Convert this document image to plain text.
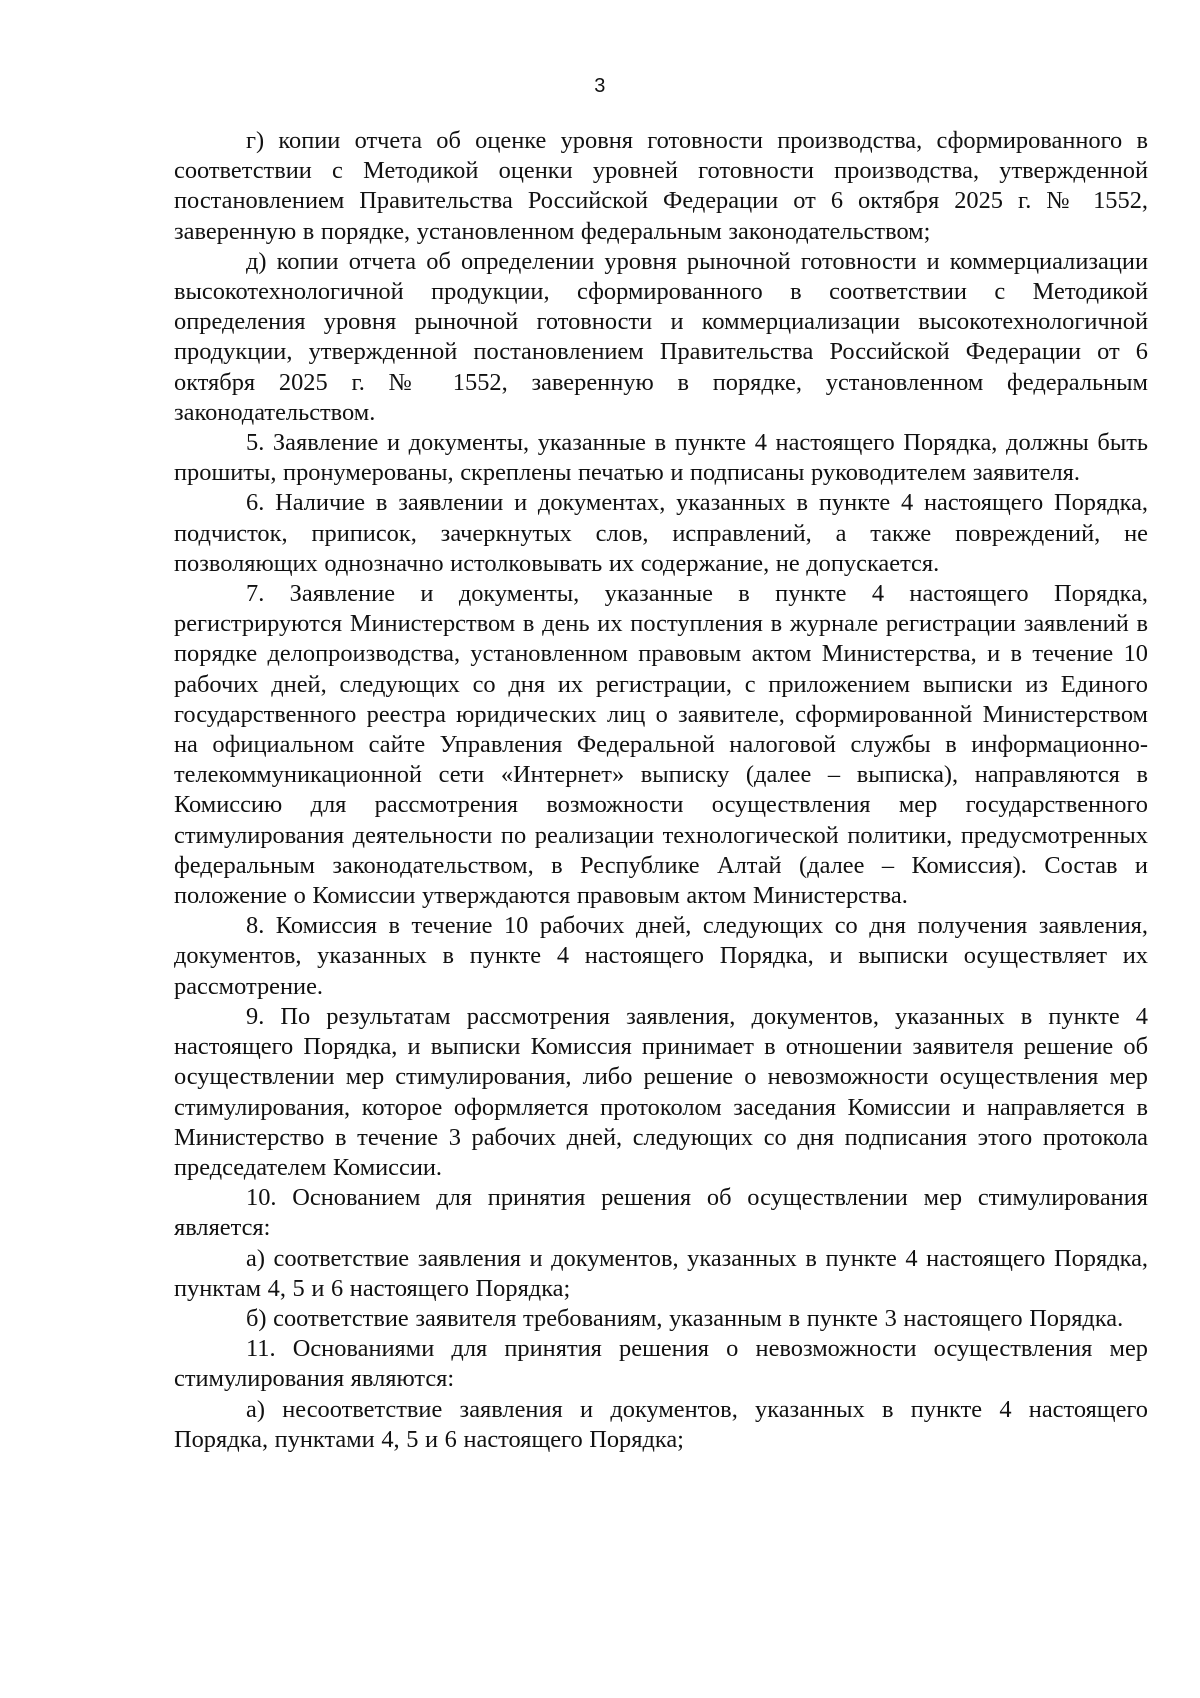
3

г) копии отчета об оценке уровня готовности производства, сформированного в соответствии с Методикой оценки уровней готовности производства, утвержденной постановлением Правительства Российской Федерации от 6 октября 2025 г. № 1552, заверенную в порядке, установленном федеральным законодательством;

д) копии отчета об определении уровня рыночной готовности и коммерциализации высокотехнологичной продукции, сформированного в соответствии с Методикой определения уровня рыночной готовности и коммерциализации высокотехнологичной продукции, утвержденной постановлением Правительства Российской Федерации от 6 октября 2025 г. № 1552, заверенную в порядке, установленном федеральным законодательством.

5. Заявление и документы, указанные в пункте 4 настоящего Порядка, должны быть прошиты, пронумерованы, скреплены печатью и подписаны руководителем заявителя.

6. Наличие в заявлении и документах, указанных в пункте 4 настоящего Порядка, подчисток, приписок, зачеркнутых слов, исправлений, а также повреждений, не позволяющих однозначно истолковывать их содержание, не допускается.

7. Заявление и документы, указанные в пункте 4 настоящего Порядка, регистрируются Министерством в день их поступления в журнале регистрации заявлений в порядке делопроизводства, установленном правовым актом Министерства, и в течение 10 рабочих дней, следующих со дня их регистрации, с приложением выписки из Единого государственного реестра юридических лиц о заявителе, сформированной Министерством на официальном сайте Управления Федеральной налоговой службы в информационно-телекоммуникационной сети «Интернет» выписку (далее – выписка), направляются в Комиссию для рассмотрения возможности осуществления мер государственного стимулирования деятельности по реализации технологической политики, предусмотренных федеральным законодательством, в Республике Алтай (далее – Комиссия). Состав и положение о Комиссии утверждаются правовым актом Министерства.

8. Комиссия в течение 10 рабочих дней, следующих со дня получения заявления, документов, указанных в пункте 4 настоящего Порядка, и выписки осуществляет их рассмотрение.

9. По результатам рассмотрения заявления, документов, указанных в пункте 4 настоящего Порядка, и выписки Комиссия принимает в отношении заявителя решение об осуществлении мер стимулирования, либо решение о невозможности осуществления мер стимулирования, которое оформляется протоколом заседания Комиссии и направляется в Министерство в течение 3 рабочих дней, следующих со дня подписания этого протокола председателем Комиссии.

10. Основанием для принятия решения об осуществлении мер стимулирования является:

а) соответствие заявления и документов, указанных в пункте 4 настоящего Порядка, пунктам 4, 5 и 6 настоящего Порядка;

б) соответствие заявителя требованиям, указанным в пункте 3 настоящего Порядка.

11. Основаниями для принятия решения о невозможности осуществления мер стимулирования являются:

а) несоответствие заявления и документов, указанных в пункте 4 настоящего Порядка, пунктами 4, 5 и 6 настоящего Порядка;
